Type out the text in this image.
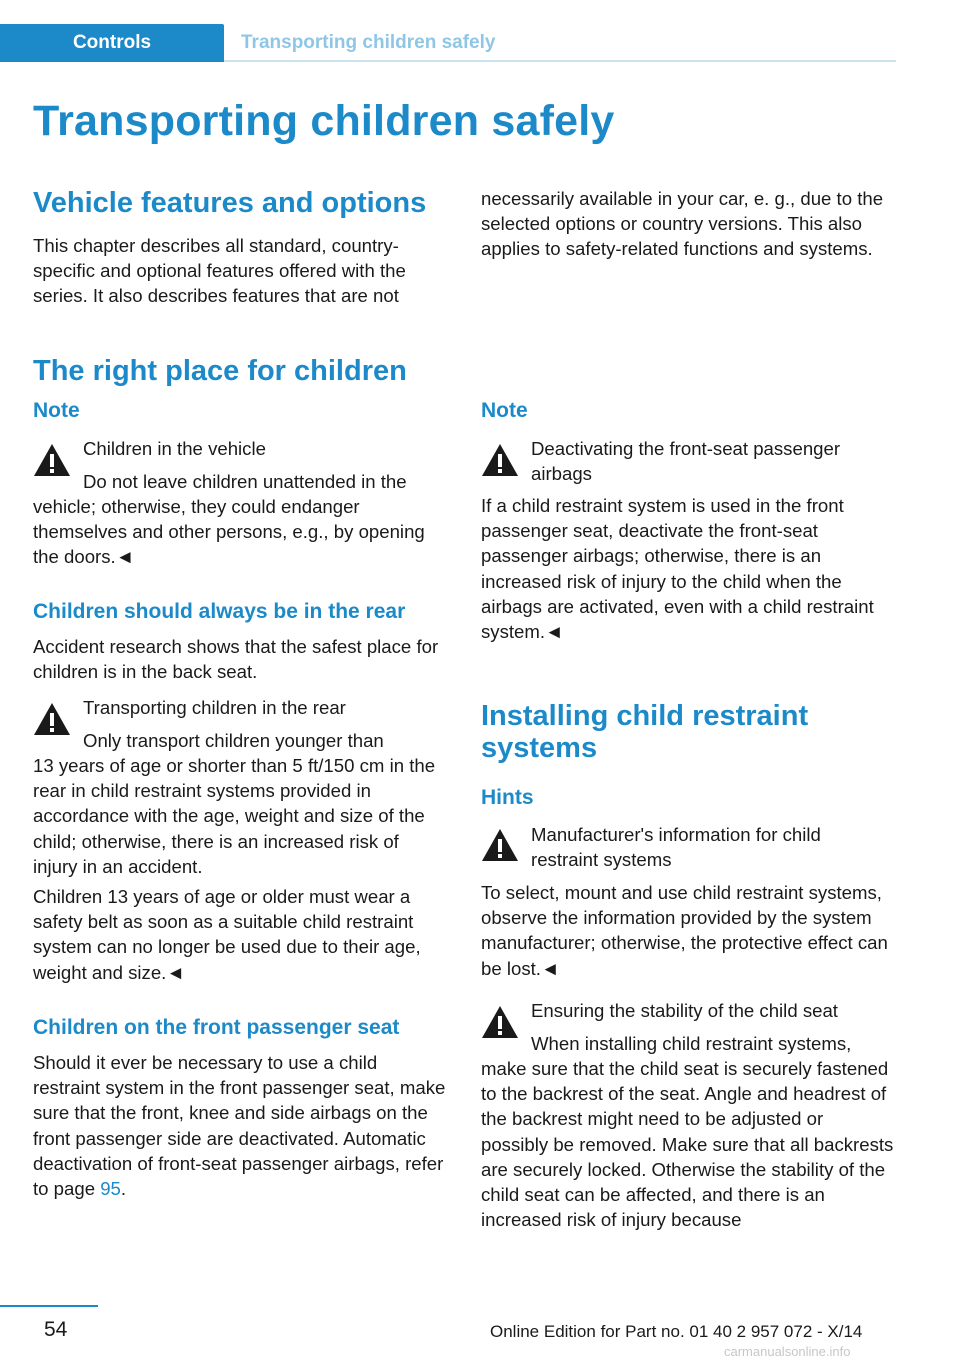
Controls	Transporting children safely
Transporting children safely
Vehicle features and options

This chapter describes all standard, country-specific and optional features offered with the series. It also describes features that are not

The right place for children
Note

Children in the vehicle

Do not leave children unattended in the

vehicle; otherwise, they could endanger themselves and other persons, e.g., by opening the doors.◄

Children should always be in the rear

Accident research shows that the safest place for children is in the back seat.

Transporting children in the rear

Only transport children younger than

13 years of age or shorter than 5 ft/150 cm in the rear in child restraint systems provided in accordance with the age, weight and size of the child; otherwise, there is an increased risk of injury in an accident.

Children 13 years of age or older must wear a safety belt as soon as a suitable child restraint system can no longer be used due to their age, weight and size.◄

Children on the front passenger seat

Should it ever be necessary to use a child restraint system in the front passenger seat, make sure that the front, knee and side airbags on the front passenger side are deactivated. Automatic deactivation of front-seat passenger airbags, refer to page 95.

necessarily available in your car, e. g., due to the selected options or country versions. This also applies to safety-related functions and systems.

Note

Deactivating the front-seat passenger airbags

If a child restraint system is used in the front passenger seat, deactivate the front-seat passenger airbags; otherwise, there is an increased risk of injury to the child when the airbags are activated, even with a child restraint system.◄

Installing child restraint systems
Hints

Manufacturer's information for child restraint systems

To select, mount and use child restraint systems, observe the information provided by the system manufacturer; otherwise, the protective effect can be lost.◄

Ensuring the stability of the child seat

When installing child restraint systems,

make sure that the child seat is securely fastened to the backrest of the seat. Angle and headrest of the backrest might need to be adjusted or possibly be removed. Make sure that all backrests are securely locked. Otherwise the stability of the child seat can be affected, and there is an increased risk of injury because

54	Online Edition for Part no. 01 40 2 957 072 - X/14
carmanualsonline.info
